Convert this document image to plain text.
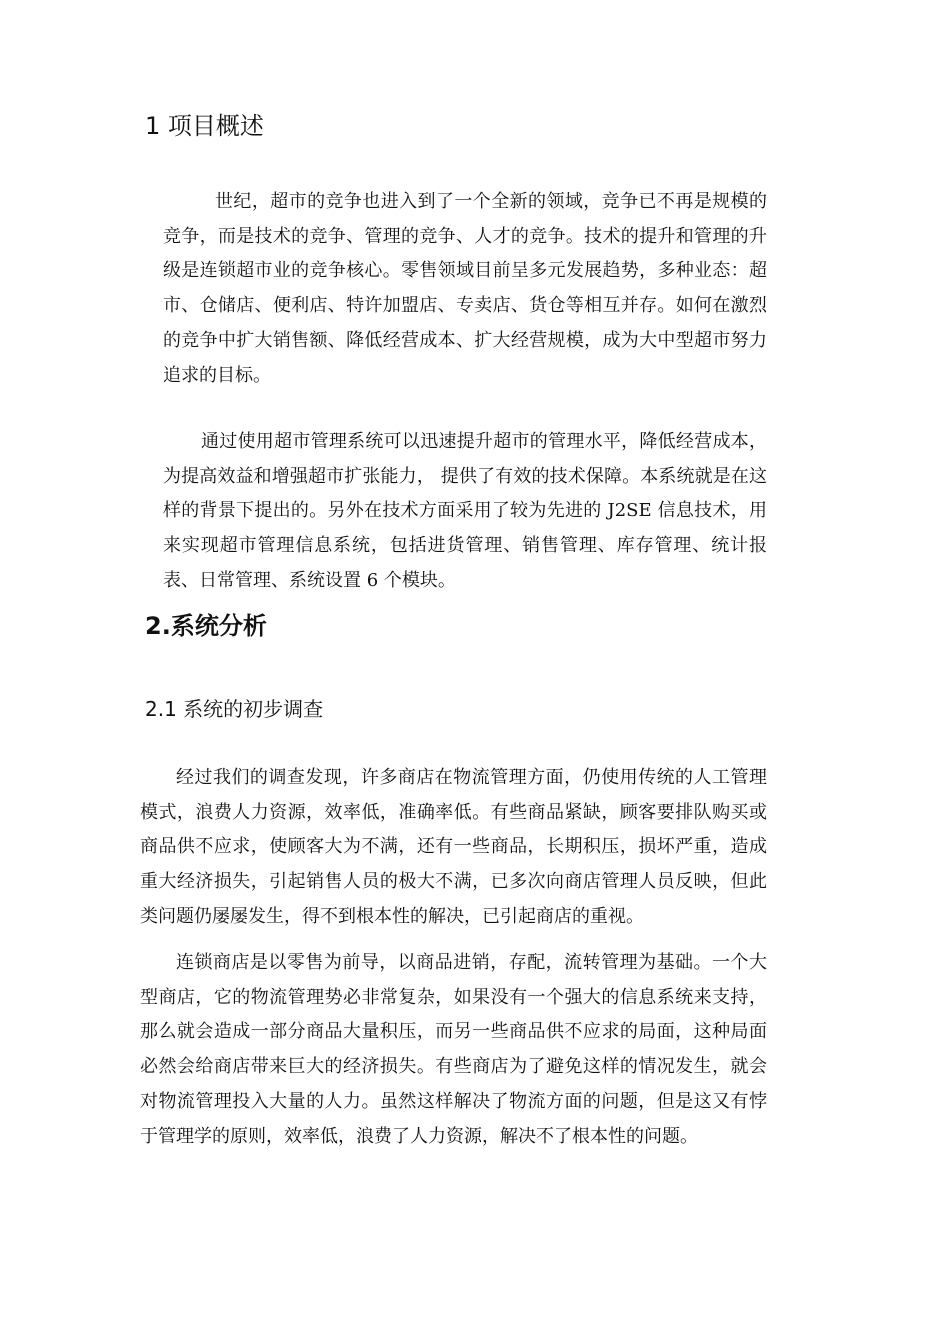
1 项目概述

世纪，超市的竞争也进入到了一个全新的领域，竞争已不再是规模的竞争，而是技术的竞争、管理的竞争、人才的竞争。技术的提升和管理的升级是连锁超市业的竞争核心。零售领域目前呈多元发展趋势，多种业态：超市、仓储店、便利店、特许加盟店、专卖店、货仓等相互并存。如何在激烈的竞争中扩大销售额、降低经营成本、扩大经营规模，成为大中型超市努力追求的目标。

通过使用超市管理系统可以迅速提升超市的管理水平，降低经营成本， 为提高效益和增强超市扩张能力， 提供了有效的技术保障。本系统就是在这样的背景下提出的。另外在技术方面采用了较为先进的 J2SE 信息技术，用来实现超市管理信息系统，包括进货管理、销售管理、库存管理、统计报表、日常管理、系统设置 6 个模块。

2.系统分析
2.1 系统的初步调查

经过我们的调查发现，许多商店在物流管理方面，仍使用传统的人工管理模式，浪费人力资源，效率低，准确率低。有些商品紧缺，顾客要排队购买或商品供不应求，使顾客大为不满，还有一些商品，长期积压，损坏严重，造成重大经济损失，引起销售人员的极大不满，已多次向商店管理人员反映，但此类问题仍屡屡发生，得不到根本性的解决，已引起商店的重视。

连锁商店是以零售为前导，以商品进销，存配，流转管理为基础。一个大型商店，它的物流管理势必非常复杂，如果没有一个强大的信息系统来支持，那么就会造成一部分商品大量积压，而另一些商品供不应求的局面，这种局面必然会给商店带来巨大的经济损失。有些商店为了避免这样的情况发生，就会对物流管理投入大量的人力。虽然这样解决了物流方面的问题，但是这又有悖于管理学的原则，效率低，浪费了人力资源，解决不了根本性的问题。
